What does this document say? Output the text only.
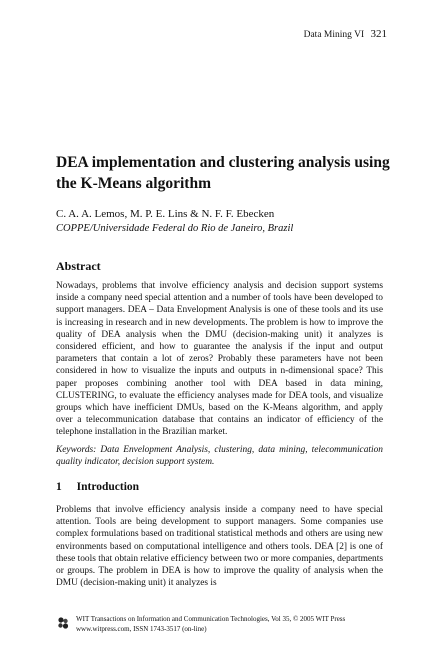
Data Mining VI 321
DEA implementation and clustering analysis using the K-Means algorithm
C. A. A. Lemos, M. P. E. Lins & N. F. F. Ebecken
COPPE/Universidade Federal do Rio de Janeiro, Brazil
Abstract

Nowadays, problems that involve efficiency analysis and decision support systems inside a company need special attention and a number of tools have been developed to support managers. DEA – Data Envelopment Analysis is one of these tools and its use is increasing in research and in new developments. The problem is how to improve the quality of DEA analysis when the DMU (decision-making unit) it analyzes is considered efficient, and how to guarantee the analysis if the input and output parameters that contain a lot of zeros? Probably these parameters have not been considered in how to visualize the inputs and outputs in n-dimensional space? This paper proposes combining another tool with DEA based in data mining, CLUSTERING, to evaluate the efficiency analyses made for DEA tools, and visualize groups which have inefficient DMUs, based on the K-Means algorithm, and apply over a telecommunication database that contains an indicator of efficiency of the telephone installation in the Brazilian market.

Keywords: Data Envelopment Analysis, clustering, data mining, telecommunication quality indicator, decision support system.

1 Introduction

Problems that involve efficiency analysis inside a company need to have special attention. Tools are being development to support managers. Some companies use complex formulations based on traditional statistical methods and others are using new environments based on computational intelligence and others tools. DEA [2] is one of these tools that obtain relative efficiency between two or more companies, departments or groups. The problem in DEA is how to improve the quality of analysis when the DMU (decision-making unit) it analyzes is

WIT Transactions on Information and Communication Technologies, Vol 35, © 2005 WIT Press
www.witpress.com, ISSN 1743-3517 (on-line)
